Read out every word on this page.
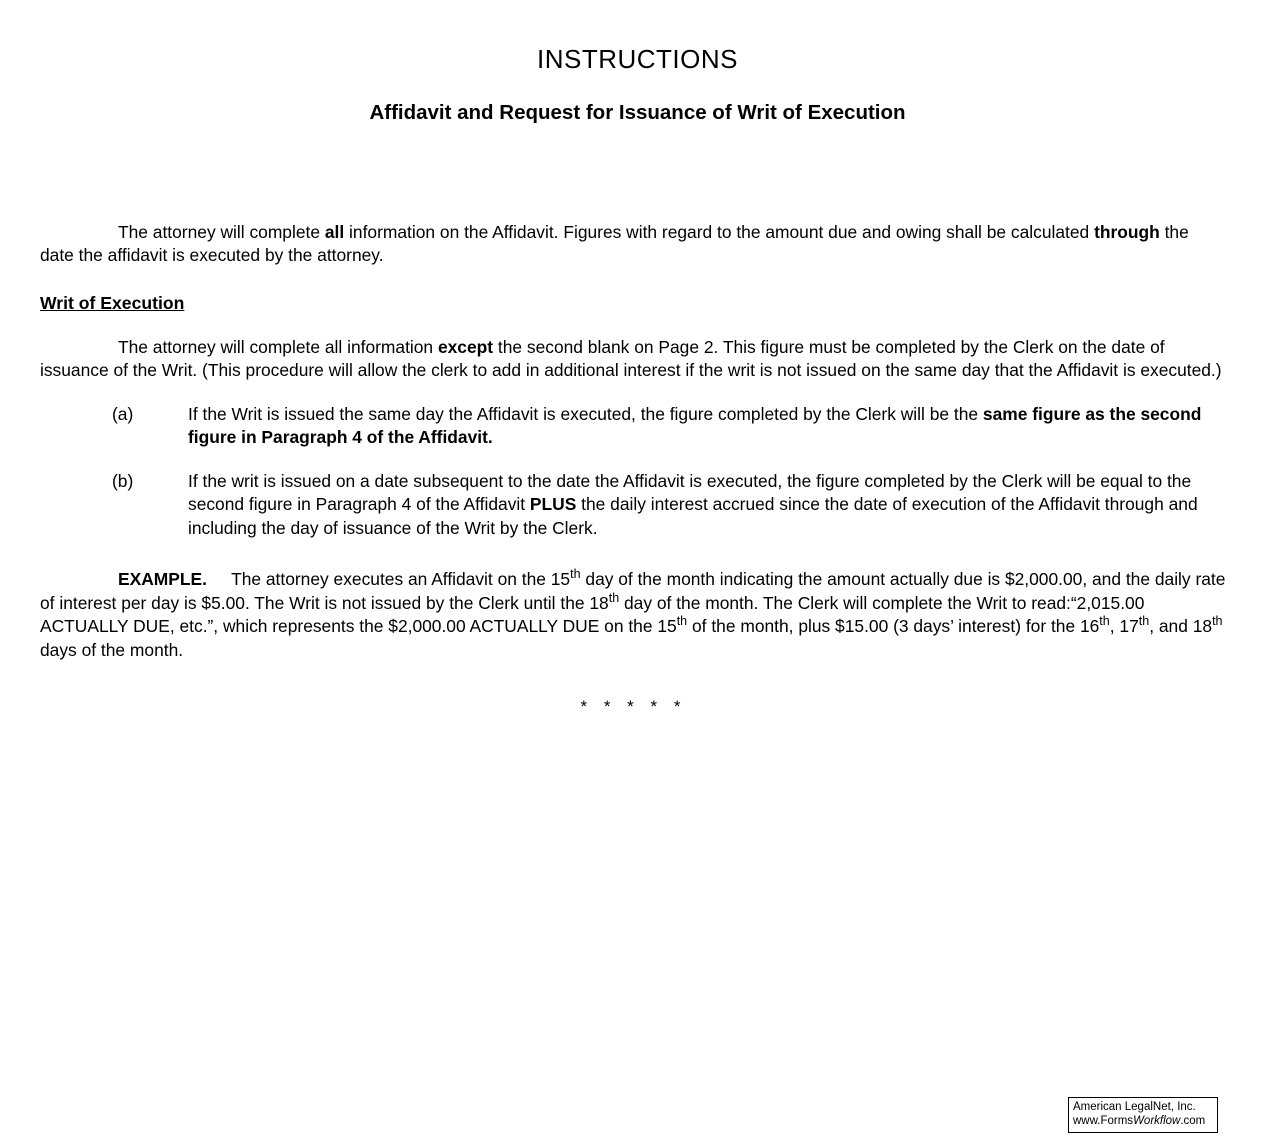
INSTRUCTIONS
Affidavit and Request for Issuance of Writ of Execution

The attorney will complete all information on the Affidavit. Figures with regard to the amount due and owing shall be calculated through the date the affidavit is executed by the attorney.

Writ of Execution

The attorney will complete all information except the second blank on Page 2. This figure must be completed by the Clerk on the date of issuance of the Writ. (This procedure will allow the clerk to add in additional interest if the writ is not issued on the same day that the Affidavit is executed.)

(a)	If the Writ is issued the same day the Affidavit is executed, the figure completed by the Clerk will be the same figure as the second figure in Paragraph 4 of the Affidavit.
(b)	If the writ is issued on a date subsequent to the date the Affidavit is executed, the figure completed by the Clerk will be equal to the second figure in Paragraph 4 of the Affidavit PLUS the daily interest accrued since the date of execution of the Affidavit through and including the day of issuance of the Writ by the Clerk.

EXAMPLE. The attorney executes an Affidavit on the 15th day of the month indicating the amount actually due is $2,000.00, and the daily rate of interest per day is $5.00. The Writ is not issued by the Clerk until the 18th day of the month. The Clerk will complete the Writ to read:“2,015.00 ACTUALLY DUE, etc.”, which represents the $2,000.00 ACTUALLY DUE on the 15th of the month, plus $15.00 (3 days’ interest) for the 16th, 17th, and 18th days of the month.

* * * * *
American LegalNet, Inc.
www.FormsWorkflow.com
